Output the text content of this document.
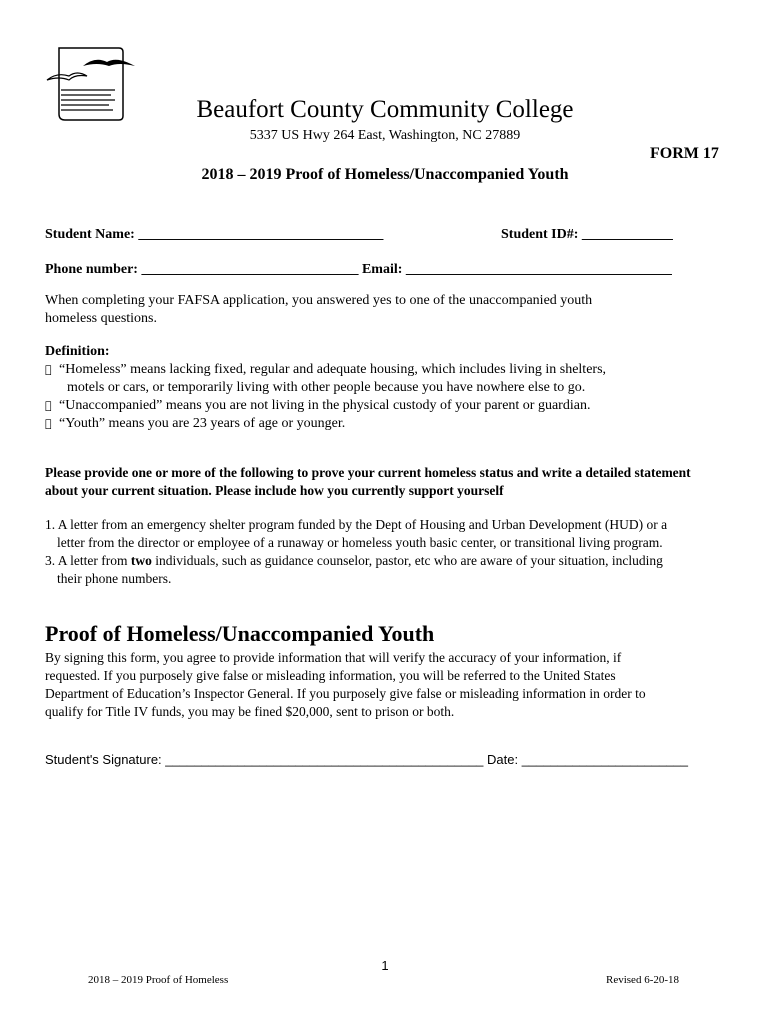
Beaufort County Community College
5337 US Hwy 264 East, Washington, NC 27889
FORM 17
2018 – 2019 Proof of Homeless/Unaccompanied Youth
Student Name: ___________________________________	Student ID#: _____________
Phone number: _______________________________ Email: ______________________________________
When completing your FAFSA application, you answered yes to one of the unaccompanied youth homeless questions.
Definition:
“Homeless” means lacking fixed, regular and adequate housing, which includes living in shelters,
motels or cars, or temporarily living with other people because you have nowhere else to go.
“Unaccompanied” means you are not living in the physical custody of your parent or guardian.
“Youth” means you are 23 years of age or younger.
Please provide one or more of the following to prove your current homeless status and write a detailed statement about your current situation. Please include how you currently support yourself
1. A letter from an emergency shelter program funded by the Dept of Housing and Urban Development (HUD) or a
letter from the director or employee of a runaway or homeless youth basic center, or transitional living program.
3. A letter from two individuals, such as guidance counselor, pastor, etc who are aware of your situation, including
their phone numbers.
Proof of Homeless/Unaccompanied Youth
By signing this form, you agree to provide information that will verify the accuracy of your information, if
requested. If you purposely give false or misleading information, you will be referred to the United States
Department of Education’s Inspector General. If you purposely give false or misleading information in order to
qualify for Title IV funds, you may be fined $20,000, sent to prison or both.
Student's Signature: ____________________________________________ Date: _______________________
1
2018 – 2019 Proof of Homeless	Revised 6-20-18
